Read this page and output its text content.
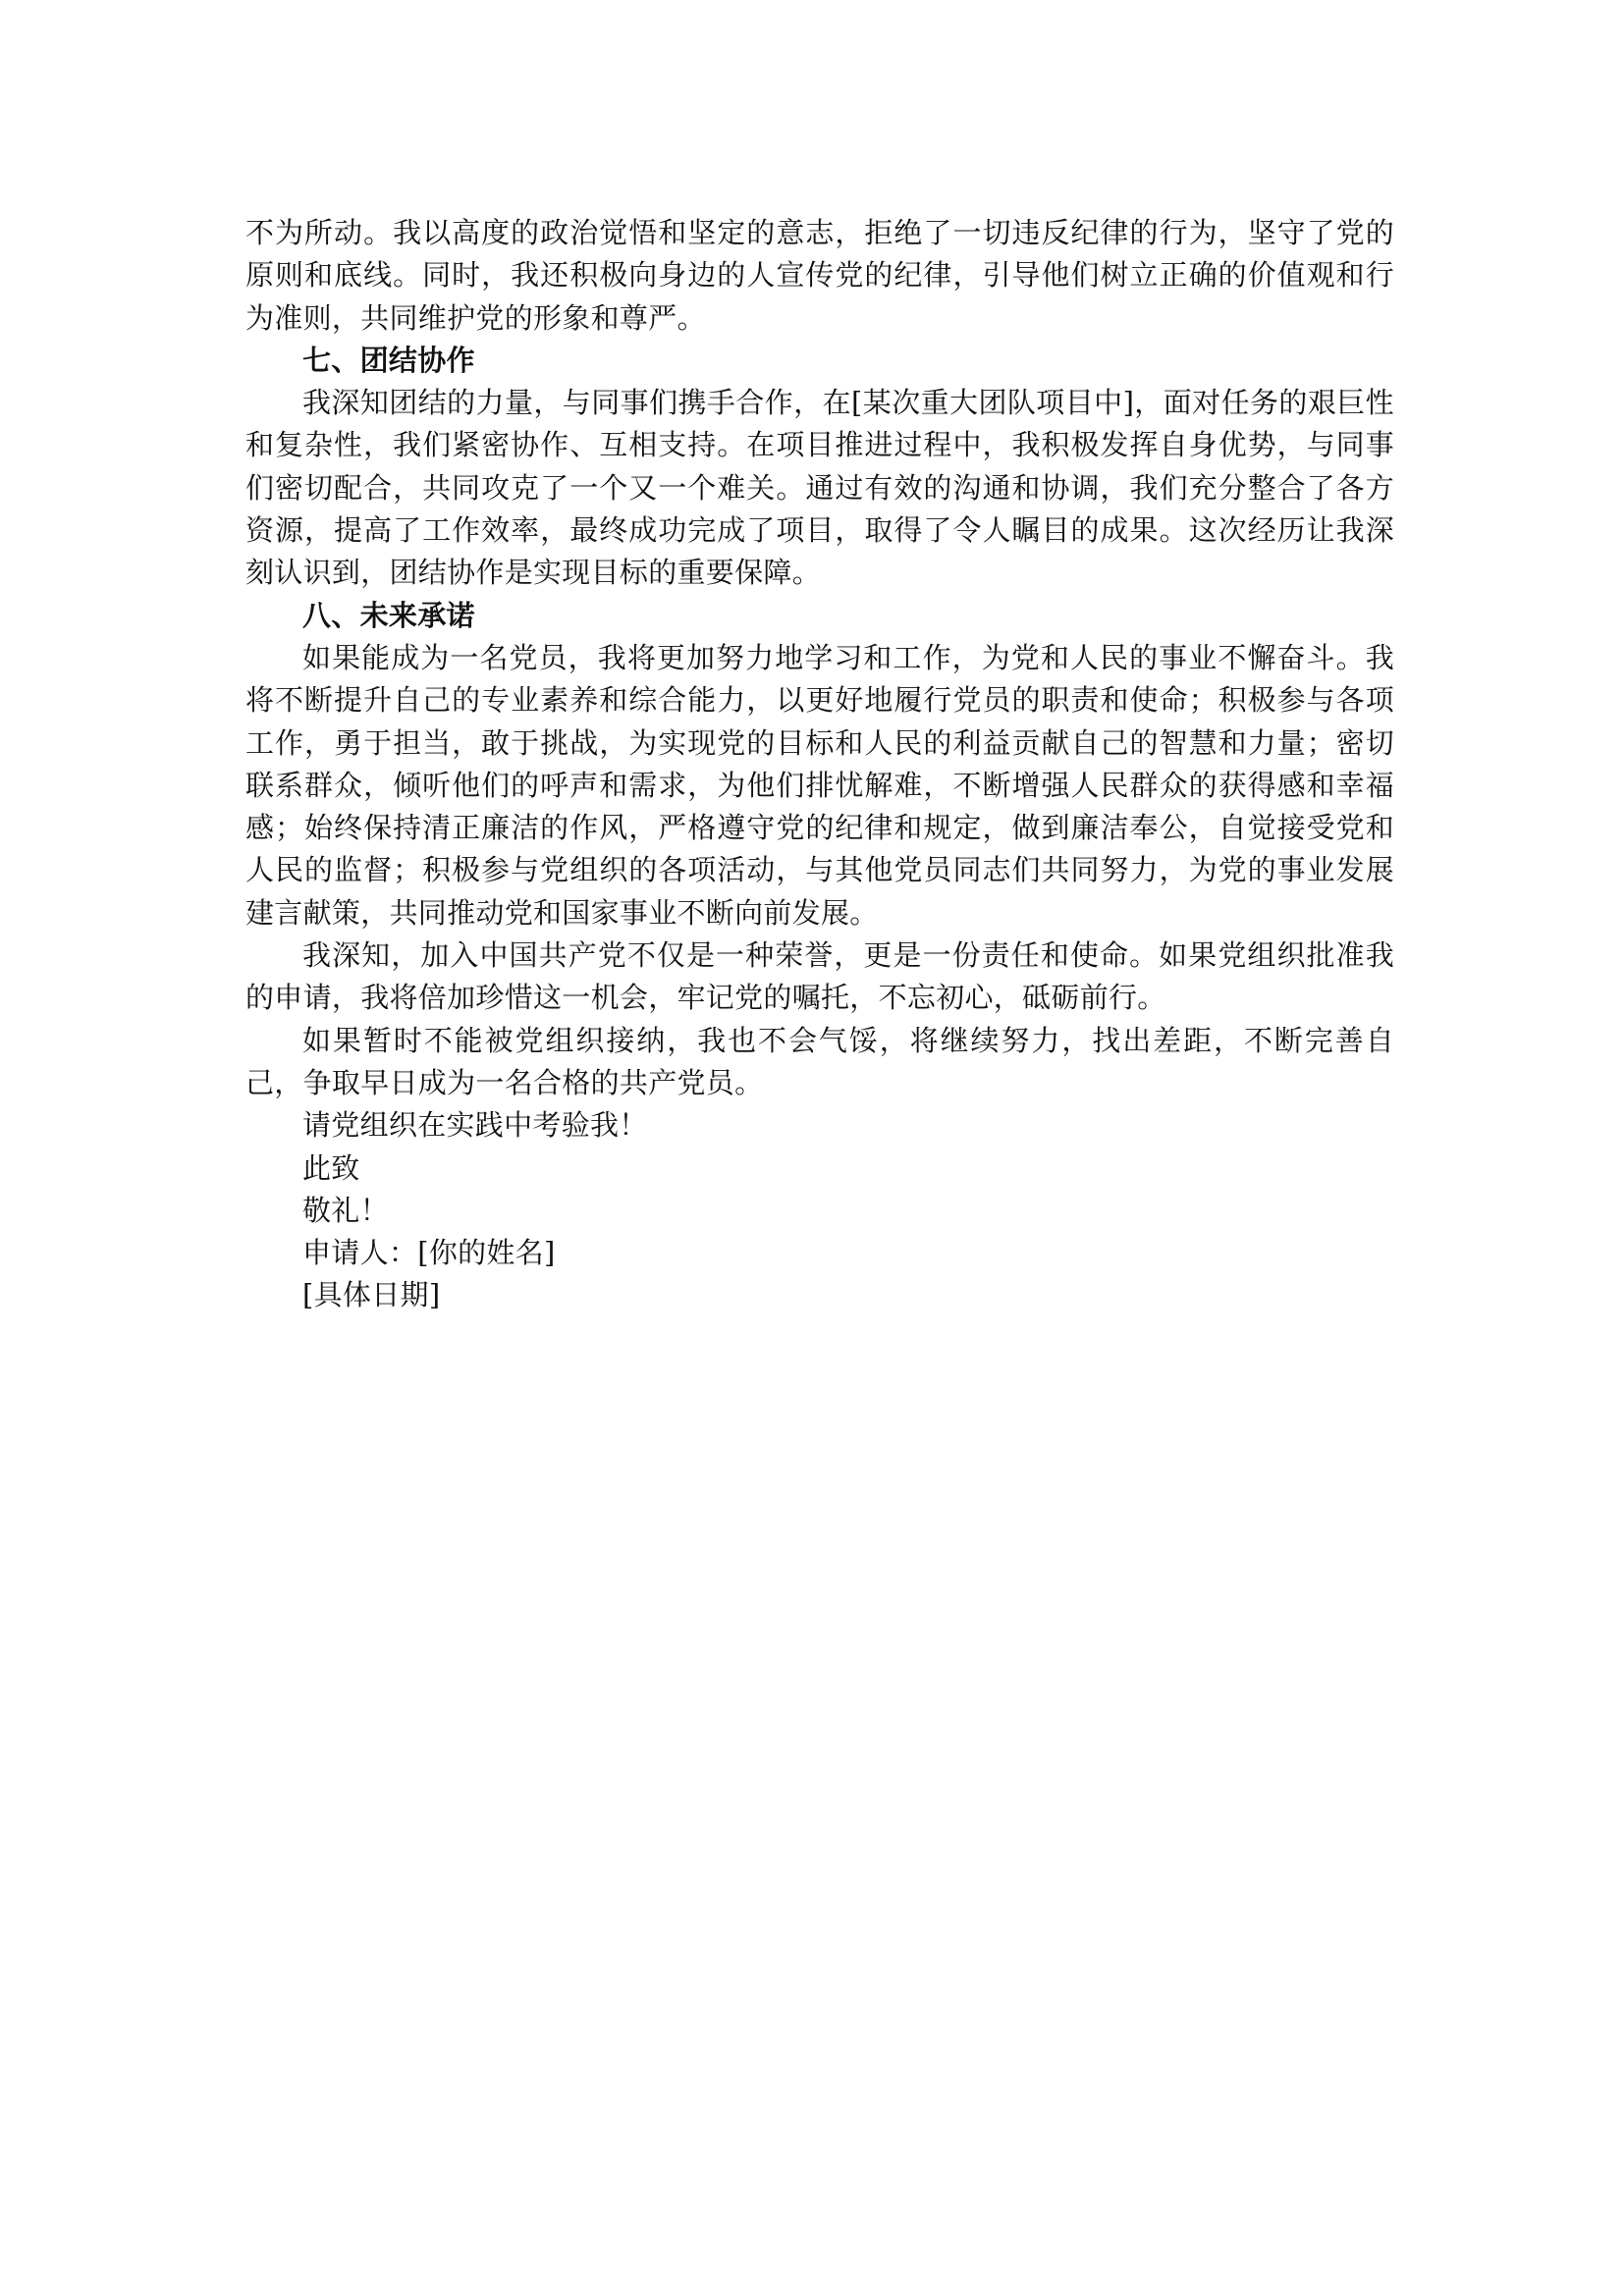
不为所动。我以高度的政治觉悟和坚定的意志，拒绝了一切违反纪律的行为，坚守了党的原则和底线。同时，我还积极向身边的人宣传党的纪律，引导他们树立正确的价值观和行为准则，共同维护党的形象和尊严。

七、团结协作

我深知团结的力量，与同事们携手合作，在[某次重大团队项目中]，面对任务的艰巨性和复杂性，我们紧密协作、互相支持。在项目推进过程中，我积极发挥自身优势，与同事们密切配合，共同攻克了一个又一个难关。通过有效的沟通和协调，我们充分整合了各方资源，提高了工作效率，最终成功完成了项目，取得了令人瞩目的成果。这次经历让我深刻认识到，团结协作是实现目标的重要保障。

八、未来承诺

如果能成为一名党员，我将更加努力地学习和工作，为党和人民的事业不懈奋斗。我将不断提升自己的专业素养和综合能力，以更好地履行党员的职责和使命；积极参与各项工作，勇于担当，敢于挑战，为实现党的目标和人民的利益贡献自己的智慧和力量；密切联系群众，倾听他们的呼声和需求，为他们排忧解难，不断增强人民群众的获得感和幸福感；始终保持清正廉洁的作风，严格遵守党的纪律和规定，做到廉洁奉公，自觉接受党和人民的监督；积极参与党组织的各项活动，与其他党员同志们共同努力，为党的事业发展建言献策，共同推动党和国家事业不断向前发展。

我深知，加入中国共产党不仅是一种荣誉，更是一份责任和使命。如果党组织批准我的申请，我将倍加珍惜这一机会，牢记党的嘱托，不忘初心，砥砺前行。

如果暂时不能被党组织接纳，我也不会气馁，将继续努力，找出差距，不断完善自己，争取早日成为一名合格的共产党员。

请党组织在实践中考验我！

此致

敬礼！

申请人：[你的姓名]

[具体日期]
